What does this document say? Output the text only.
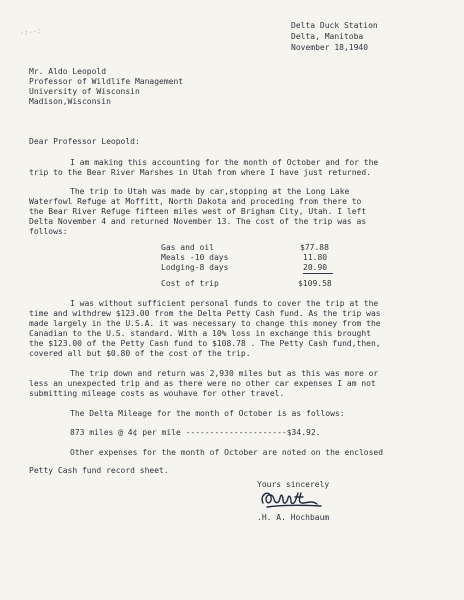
-:--:
Delta Duck Station
Delta, Manitoba
November 18,1940
Mr. Aldo Leopold
Professor of Wildlife Management
University of Wisconsin
Madison,Wisconsin
Dear Professor Leopold:
I am making this accounting for the month of October and for the
trip to the Bear River Marshes in Utah from where I have just returned.
The trip to Utah was made by car,stopping at the Long Lake
Waterfowl Refuge at Moffitt, North Dakota and proceding from there to
the Bear River Refuge fifteen miles west of Brigham City, Utah. I left
Delta November 4 and returned November 13. The cost of the trip was as
follows:
Gas and oil	$77.88
Meals -10 days	11.80
Lodging-8 days	20.90
Cost of trip	$109.58
I was without sufficient personal funds to cover the trip at the
time and withdrew $123.00 from the Delta Petty Cash fund. As the trip was
made largely in the U.S.A. it was necessary to change this money from the
Canadian to the U.S. standard. With a 10% loss in exchange this brought
the $123.00 of the Petty Cash fund to $108.78 . The Petty Cash fund,then,
covered all but $0.80 of the cost of the trip.
The trip down and return was 2,930 miles but as this was more or
less an unexpected trip and as there were no other car expenses I am not
submitting mileage costs as wouhave for other travel.
The Delta Mileage for the month of October is as follows:
873 miles @ 4¢ per mile ---------------------$34.92.
Other expenses for the month of October are noted on the enclosed
Petty Cash fund record sheet.
Yours sincerely
.H. A. Hochbaum
